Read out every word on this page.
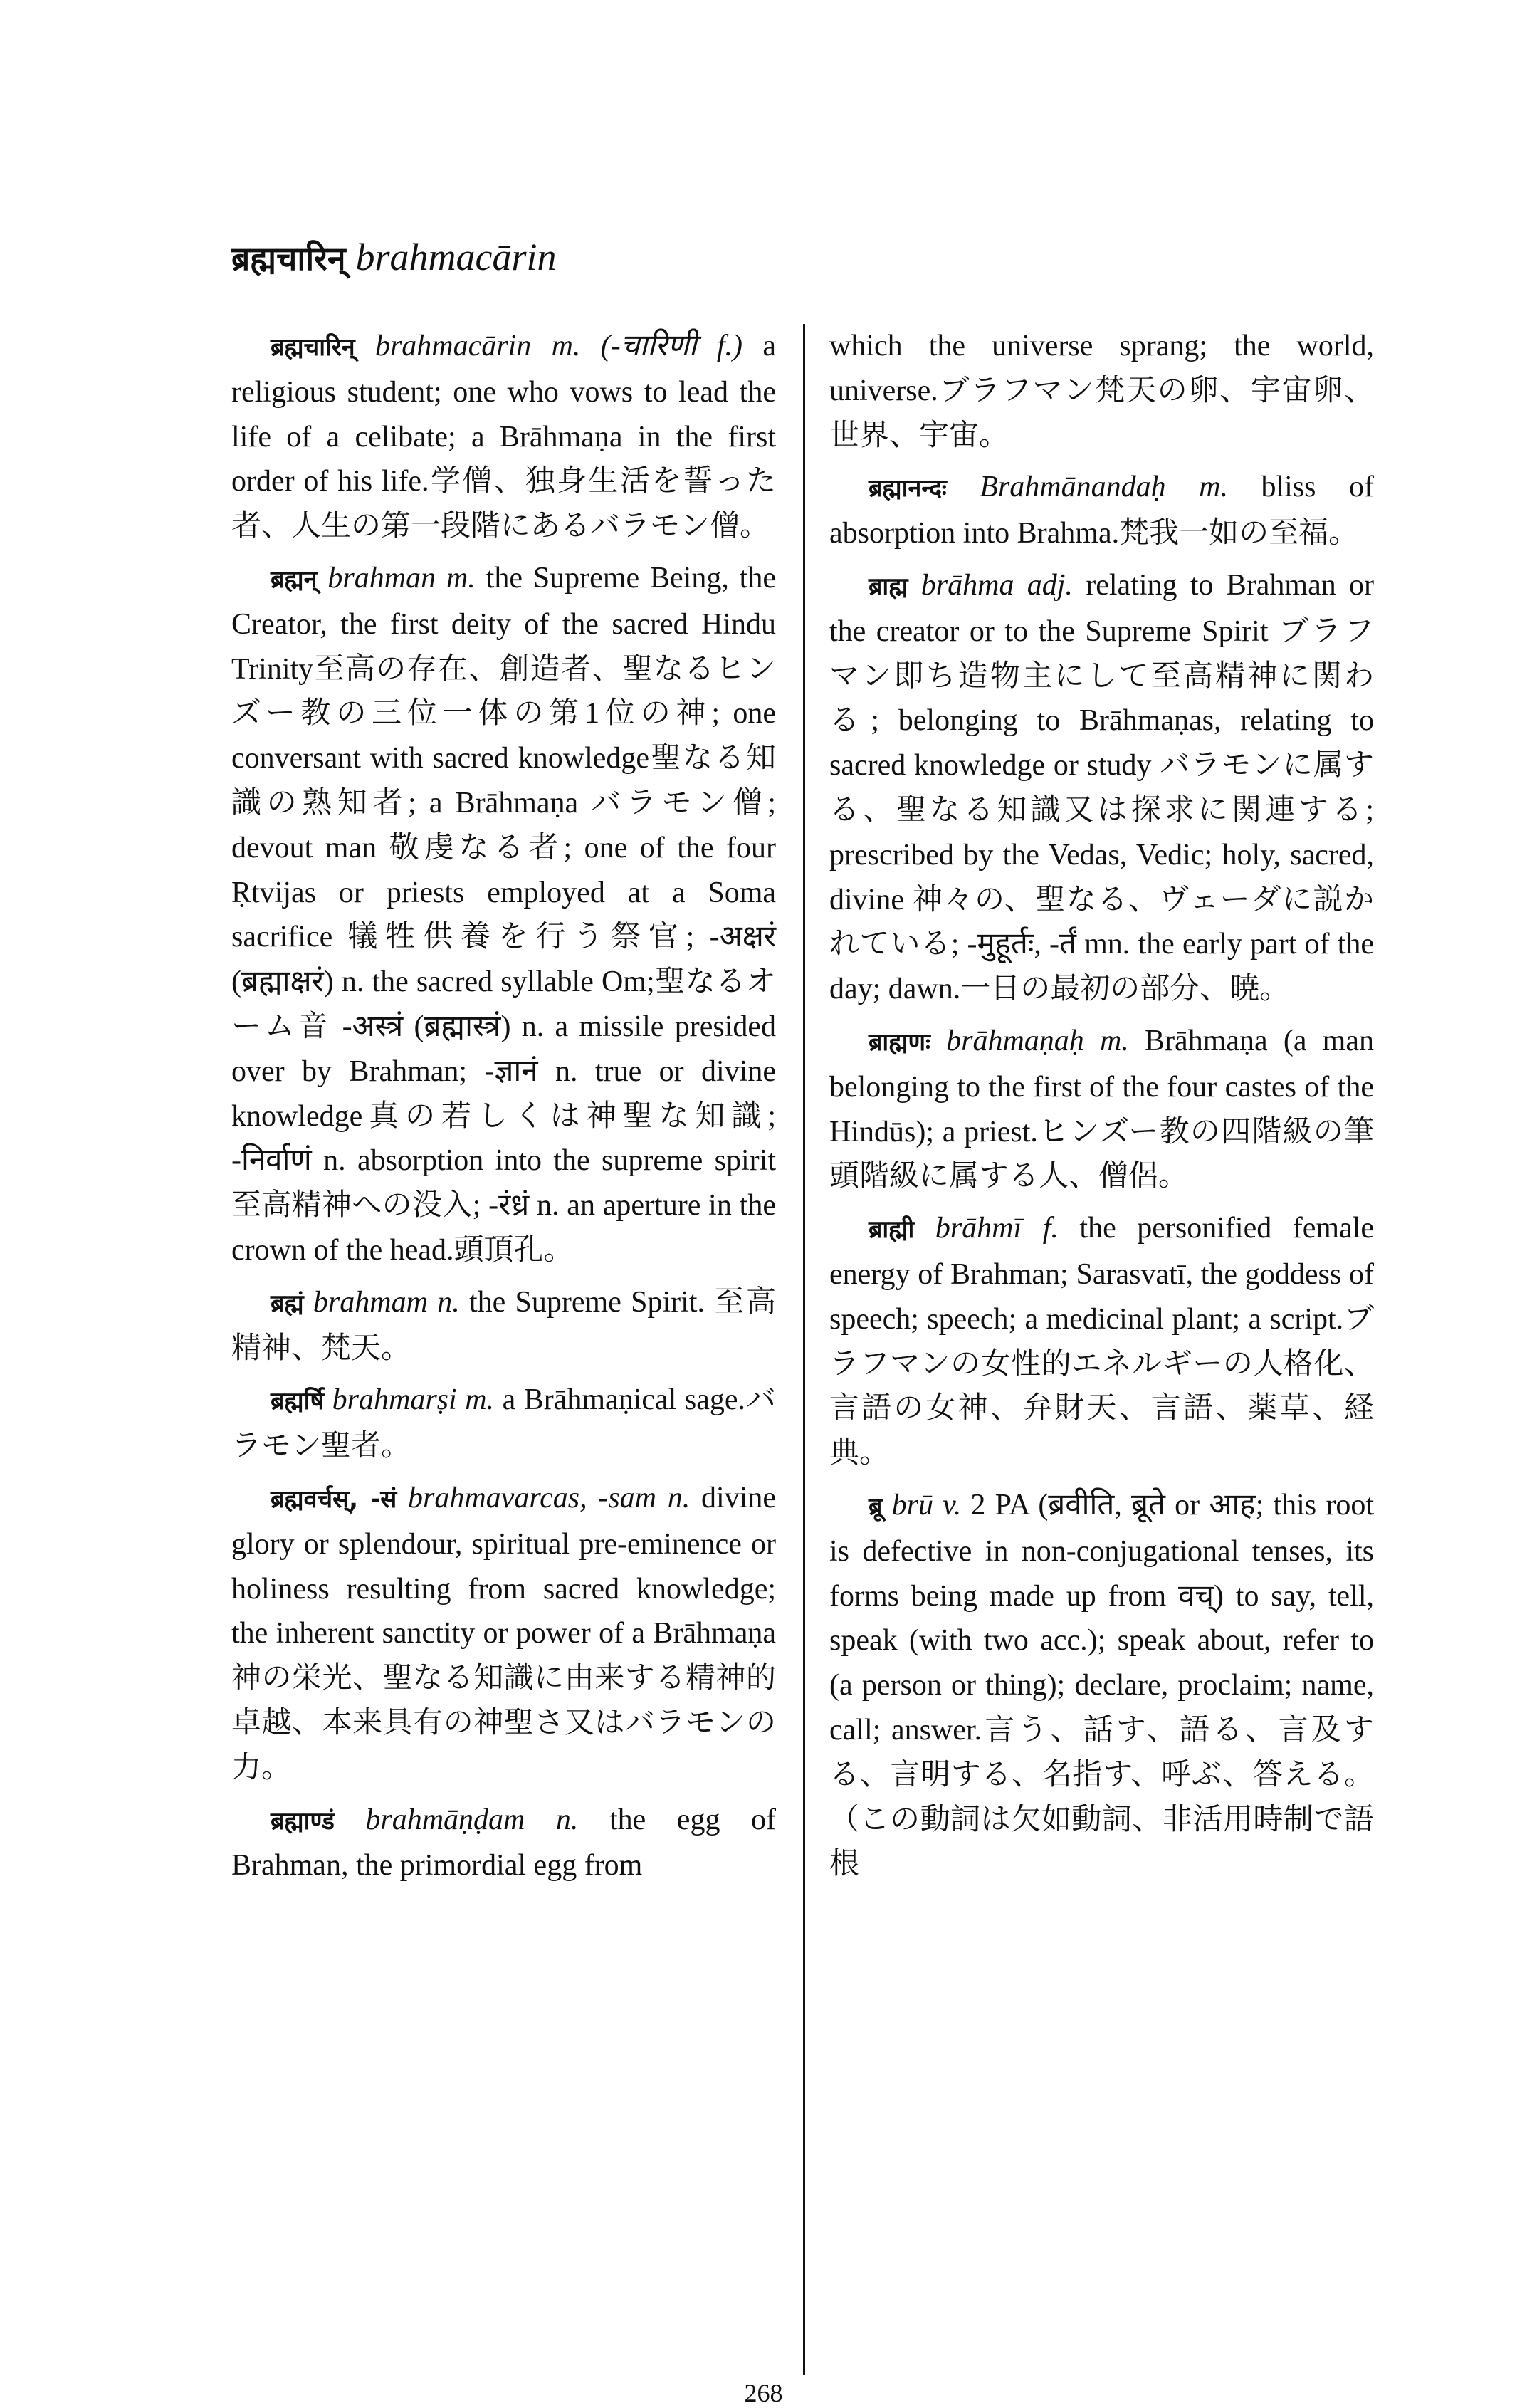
ब्रह्मचारिन् brahmacārin

ब्रह्मचारिन् brahmacārin m. (-चारिणी f.) a religious student; one who vows to lead the life of a celibate; a Brāhmaṇa in the first order of his life.学僧、独身生活を誓った者、人生の第一段階にあるバラモン僧。

ब्रह्मन् brahman m. the Supreme Being, the Creator, the first deity of the sacred Hindu Trinity至高の存在、創造者、聖なるヒンズー教の三位一体の第1位の神; one conversant with sacred knowledge聖なる知識の熟知者; a Brāhmaṇa バラモン僧; devout man 敬虔なる者; one of the four Ṛtvijas or priests employed at a Soma sacrifice 犠牲供養を行う祭官; -अक्षरं (ब्रह्माक्षरं) n. the sacred syllable Om;聖なるオーム音 -अस्त्रं (ब्रह्मास्त्रं) n. a missile presided over by Brahman; -ज्ञानं n. true or divine knowledge真の若しくは神聖な知識; -निर्वाणं n. absorption into the supreme spirit至高精神への没入; -रंध्रं n. an aperture in the crown of the head.頭頂孔。

ब्रह्मं brahmam n. the Supreme Spirit. 至高精神、梵天。

ब्रह्मर्षि brahmarṣi m. a Brāhmaṇical sage.バラモン聖者。

ब्रह्मवर्चस्, -सं brahmavarcas, -sam n. divine glory or splendour, spiritual pre-eminence or holiness resulting from sacred knowledge; the inherent sanctity or power of a Brāhmaṇa神の栄光、聖なる知識に由来する精神的卓越、本来具有の神聖さ又はバラモンの力。

ब्रह्माण्डं brahmāṇḍam n. the egg of Brahman, the primordial egg from

which the universe sprang; the world, universe.ブラフマン梵天の卵、宇宙卵、世界、宇宙。

ब्रह्मानन्दः Brahmānandaḥ m. bliss of absorption into Brahma.梵我一如の至福。

ब्राह्म brāhma adj. relating to Brahman or the creator or to the Supreme Spirit ブラフマン即ち造物主にして至高精神に関わる; belonging to Brāhmaṇas, relating to sacred knowledge or study バラモンに属する、聖なる知識又は探求に関連する; prescribed by the Vedas, Vedic; holy, sacred, divine 神々の、聖なる、ヴェーダに説かれている; -मुहूर्तः, -र्तं mn. the early part of the day; dawn.一日の最初の部分、暁。

ब्राह्मणः brāhmaṇaḥ m. Brāhmaṇa (a man belonging to the first of the four castes of the Hindūs); a priest.ヒンズー教の四階級の筆頭階級に属する人、僧侶。

ब्राह्मी brāhmī f. the personified female energy of Brahman; Sarasvatī, the goddess of speech; speech; a medicinal plant; a script.ブラフマンの女性的エネルギーの人格化、言語の女神、弁財天、言語、薬草、経典。

ब्रू brū v. 2 PA (ब्रवीति, ब्रूते or आह; this root is defective in non-conjugational tenses, its forms being made up from वच्) to say, tell, speak (with two acc.); speak about, refer to (a person or thing); declare, proclaim; name, call; answer.言う、話す、語る、言及する、言明する、名指す、呼ぶ、答える。（この動詞は欠如動詞、非活用時制で語根

268
